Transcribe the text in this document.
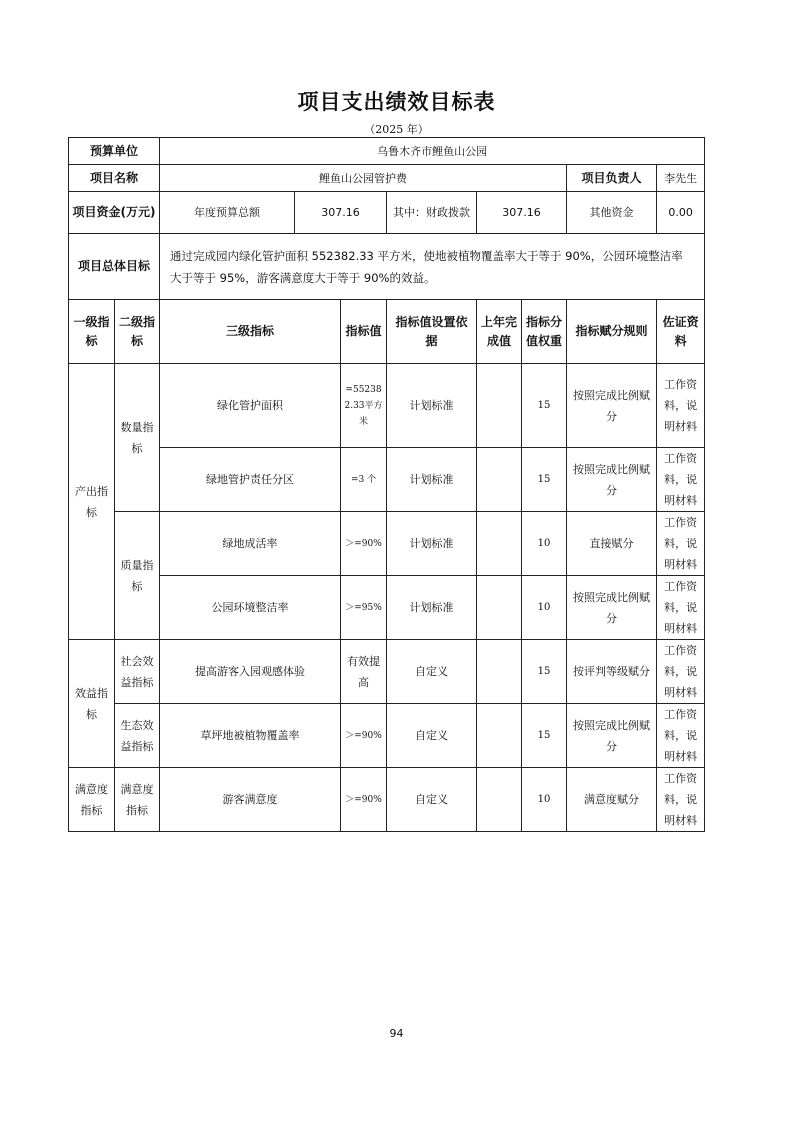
项目支出绩效目标表
（2025 年）
预算单位		乌鲁木齐市鲤鱼山公园							
项目名称		鲤鱼山公园管护费						项目负责人	李先生
项目资金(万元)		年度预算总额	307.16		其中：财政拨款	307.16		其他资金	0.00
项目总体目标		通过完成园内绿化管护面积 552382.33 平方米，使地被植物覆盖率大于等于 90%，公园环境整洁率大于等于 95%，游客满意度大于等于 90%的效益。							
一级指标	二级指标	三级指标		指标值	指标值设置依据	上年完成值	指标分值权重	指标赋分规则	佐证资料
产出指标	数量指标	绿化管护面积		=552382.33平方米	计划标准		15	按照完成比例赋分	工作资料，说明材料
		绿地管护责任分区		=3 个	计划标准		15	按照完成比例赋分	工作资料，说明材料
	质量指标	绿地成活率		＞=90%	计划标准		10	直接赋分	工作资料，说明材料
		公园环境整洁率		＞=95%	计划标准		10	按照完成比例赋分	工作资料，说明材料
效益指标	社会效益指标	提高游客入园观感体验		有效提高	自定义		15	按评判等级赋分	工作资料，说明材料
	生态效益指标	草坪地被植物覆盖率		＞=90%	自定义		15	按照完成比例赋分	工作资料，说明材料
满意度指标	满意度指标	游客满意度		＞=90%	自定义		10	满意度赋分	工作资料，说明材料
94
